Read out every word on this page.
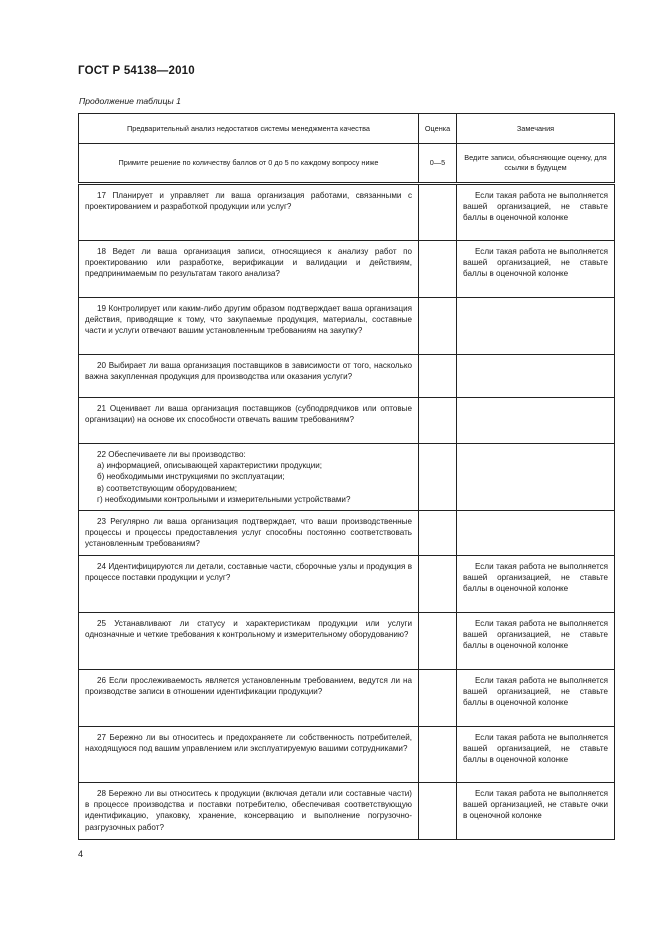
ГОСТ Р 54138—2010
Продолжение таблицы 1
Предварительный анализ недостатков системы менеджмента качества	Оценка	Замечания
Примите решение по количеству баллов от 0 до 5 по каждому вопросу ниже	0—5	Ведите записи, объясняющие оценку, для ссылки в будущем

17 Планирует и управляет ли ваша организация работами, связанными с проектированием и разработкой продукции или услуг?		Если такая работа не выполняется вашей организацией, не ставьте баллы в оценочной колонке

18 Ведет ли ваша организация записи, относящиеся к анализу работ по проектированию или разработке, верификации и валидации и действиям, предпринимаемым по результатам такого анализа?		Если такая работа не выполняется вашей организацией, не ставьте баллы в оценочной колонке

19 Контролирует или каким-либо другим образом подтверждает ваша организация действия, приводящие к тому, что закупаемые продукция, материалы, составные части и услуги отвечают вашим установленным требованиям на закупку?		

20 Выбирает ли ваша организация поставщиков в зависимости от того, насколько важна закупленная продукция для производства или оказания услуги?		

21 Оценивает ли ваша организация поставщиков (субподрядчиков или оптовые организации) на основе их способности отвечать вашим требованиям?		

22 Обеспечиваете ли вы производство:

а) информацией, описывающей характеристики продукции;

б) необходимыми инструкциями по эксплуатации;

в) соответствующим оборудованием;

г) необходимыми контрольными и измерительными устройствами?		

23 Регулярно ли ваша организация подтверждает, что ваши производственные процессы и процессы предоставления услуг способны постоянно соответствовать установленным требованиям?		

24 Идентифицируются ли детали, составные части, сборочные узлы и продукция в процессе поставки продукции и услуг?		Если такая работа не выполняется вашей организацией, не ставьте баллы в оценочной колонке

25 Устанавливают ли статусу и характеристикам продукции или услуги однозначные и четкие требования к контрольному и измерительному оборудованию?		Если такая работа не выполняется вашей организацией, не ставьте баллы в оценочной колонке

26 Если прослеживаемость является установленным требованием, ведутся ли на производстве записи в отношении идентификации продукции?		Если такая работа не выполняется вашей организацией, не ставьте баллы в оценочной колонке

27 Бережно ли вы относитесь и предохраняете ли собственность потребителей, находящуюся под вашим управлением или эксплуатируемую вашими сотрудниками?		Если такая работа не выполняется вашей организацией, не ставьте баллы в оценочной колонке

28 Бережно ли вы относитесь к продукции (включая детали или составные части) в процессе производства и поставки потребителю, обеспечивая соответствующую идентификацию, упаковку, хранение, консервацию и выполнение погрузочно-разгрузочных работ?		Если такая работа не выполняется вашей организацией, не ставьте очки в оценочной колонке

4
